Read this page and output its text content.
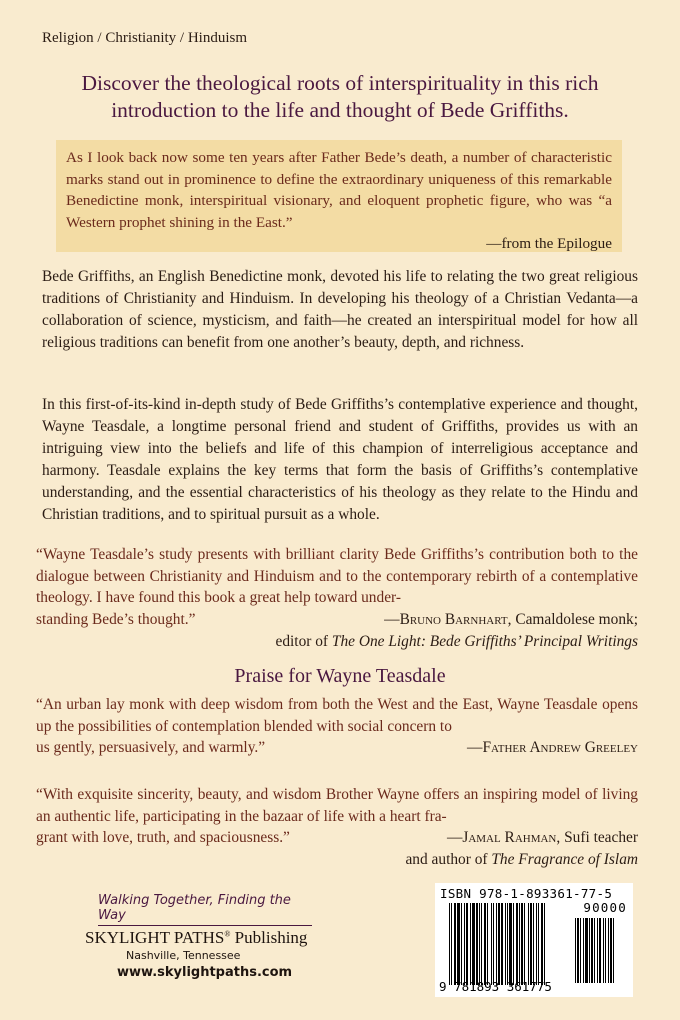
Religion / Christianity / Hinduism
Discover the theological roots of interspirituality in this rich
introduction to the life and thought of Bede Griffiths.
As I look back now some ten years after Father Bede’s death, a number of characteristic marks stand out in prominence to define the extraordinary uniqueness of this remarkable Benedictine monk, interspiritual visionary, and eloquent prophetic figure, who was “a Western prophet shining in the East.”
—from the Epilogue
Bede Griffiths, an English Benedictine monk, devoted his life to relating the two great religious traditions of Christianity and Hinduism. In developing his theology of a Christian Vedanta—a collaboration of science, mysticism, and faith—he created an interspiritual model for how all religious traditions can benefit from one another’s beauty, depth, and richness.
In this first-of-its-kind in-depth study of Bede Griffiths’s contemplative experience and thought, Wayne Teasdale, a longtime personal friend and student of Griffiths, provides us with an intriguing view into the beliefs and life of this champion of interreligious acceptance and harmony. Teasdale explains the key terms that form the basis of Griffiths’s contemplative understanding, and the essential characteristics of his theology as they relate to the Hindu and Christian traditions, and to spiritual pursuit as a whole.
“Wayne Teasdale’s study presents with brilliant clarity Bede Griffiths’s contribution both to the dialogue between Christianity and Hinduism and to the contemporary rebirth of a contemplative theology. I have found this book a great help toward under-
standing Bede’s thought.”	—Bruno Barnhart, Camaldolese monk;
editor of The One Light: Bede Griffiths’ Principal Writings
Praise for Wayne Teasdale
“An urban lay monk with deep wisdom from both the West and the East, Wayne Teasdale opens up the possibilities of contemplation blended with social concern to
us gently, persuasively, and warmly.”	—Father Andrew Greeley
“With exquisite sincerity, beauty, and wisdom Brother Wayne offers an inspiring model of living an authentic life, participating in the bazaar of life with a heart fra-
grant with love, truth, and spaciousness.”	—Jamal Rahman, Sufi teacher
and author of The Fragrance of Islam
Walking Together, Finding the Way
SKYLIGHT PATHS® Publishing
Nashville, Tennessee
www.skylightpaths.com
ISBN 978-1-893361-77-5
90000
9 781893 361775
